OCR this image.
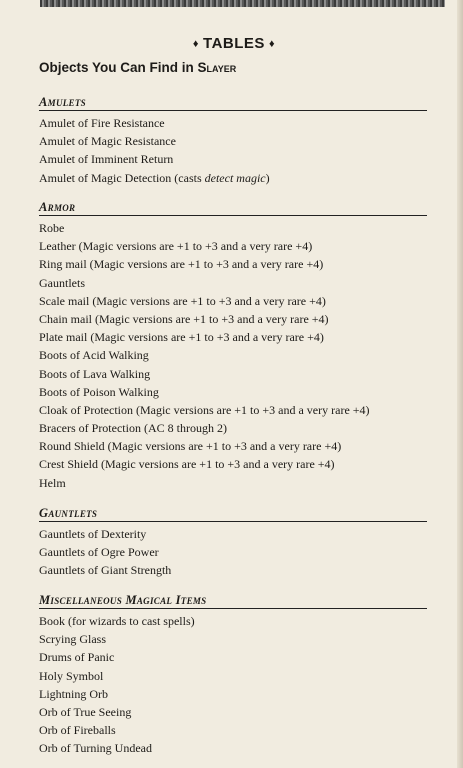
♦ TABLES ♦
Objects You Can Find in Slayer
Amulets
Amulet of Fire Resistance
Amulet of Magic Resistance
Amulet of Imminent Return
Amulet of Magic Detection (casts detect magic)
Armor
Robe
Leather (Magic versions are +1 to +3 and a very rare +4)
Ring mail (Magic versions are +1 to +3 and a very rare +4)
Gauntlets
Scale mail (Magic versions are +1 to +3 and a very rare +4)
Chain mail (Magic versions are +1 to +3 and a very rare +4)
Plate mail (Magic versions are +1 to +3 and a very rare +4)
Boots of Acid Walking
Boots of Lava Walking
Boots of Poison Walking
Cloak of Protection (Magic versions are +1 to +3 and a very rare +4)
Bracers of Protection (AC 8 through 2)
Round Shield (Magic versions are +1 to +3 and a very rare +4)
Crest Shield (Magic versions are +1 to +3 and a very rare +4)
Helm
Gauntlets
Gauntlets of Dexterity
Gauntlets of Ogre Power
Gauntlets of Giant Strength
Miscellaneous Magical Items
Book (for wizards to cast spells)
Scrying Glass
Drums of Panic
Holy Symbol
Lightning Orb
Orb of True Seeing
Orb of Fireballs
Orb of Turning Undead
